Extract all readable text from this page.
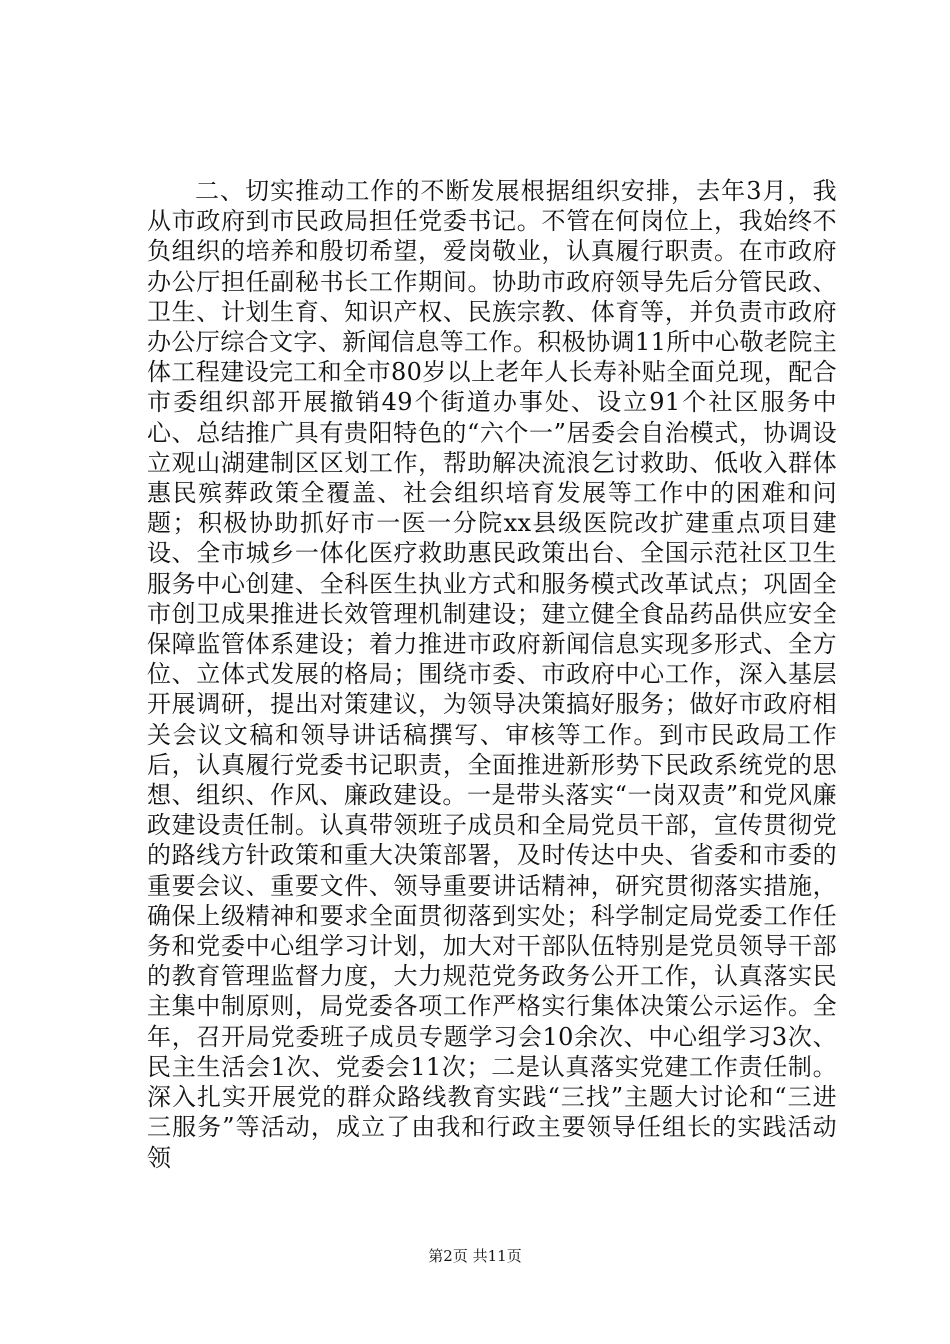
二、切实推动工作的不断发展根据组织安排，去年3月，我从市政府到市民政局担任党委书记。不管在何岗位上，我始终不负组织的培养和殷切希望，爱岗敬业，认真履行职责。在市政府办公厅担任副秘书长工作期间。协助市政府领导先后分管民政、卫生、计划生育、知识产权、民族宗教、体育等，并负责市政府办公厅综合文字、新闻信息等工作。积极协调11所中心敬老院主体工程建设完工和全市80岁以上老年人长寿补贴全面兑现，配合市委组织部开展撤销49个街道办事处、设立91个社区服务中心、总结推广具有贵阳特色的“六个一”居委会自治模式，协调设立观山湖建制区区划工作，帮助解决流浪乞讨救助、低收入群体惠民殡葬政策全覆盖、社会组织培育发展等工作中的困难和问题；积极协助抓好市一医一分院xx县级医院改扩建重点项目建设、全市城乡一体化医疗救助惠民政策出台、全国示范社区卫生服务中心创建、全科医生执业方式和服务模式改革试点；巩固全市创卫成果推进长效管理机制建设；建立健全食品药品供应安全保障监管体系建设；着力推进市政府新闻信息实现多形式、全方位、立体式发展的格局；围绕市委、市政府中心工作，深入基层开展调研，提出对策建议，为领导决策搞好服务；做好市政府相关会议文稿和领导讲话稿撰写、审核等工作。到市民政局工作后，认真履行党委书记职责，全面推进新形势下民政系统党的思想、组织、作风、廉政建设。一是带头落实“一岗双责”和党风廉政建设责任制。认真带领班子成员和全局党员干部，宣传贯彻党的路线方针政策和重大决策部署，及时传达中央、省委和市委的重要会议、重要文件、领导重要讲话精神，研究贯彻落实措施，确保上级精神和要求全面贯彻落到实处；科学制定局党委工作任务和党委中心组学习计划，加大对干部队伍特别是党员领导干部的教育管理监督力度，大力规范党务政务公开工作，认真落实民主集中制原则，局党委各项工作严格实行集体决策公示运作。全年，召开局党委班子成员专题学习会10余次、中心组学习3次、民主生活会1次、党委会11次；二是认真落实党建工作责任制。深入扎实开展党的群众路线教育实践“三找”主题大讨论和“三进三服务”等活动，成立了由我和行政主要领导任组长的实践活动领

第2页 共11页
